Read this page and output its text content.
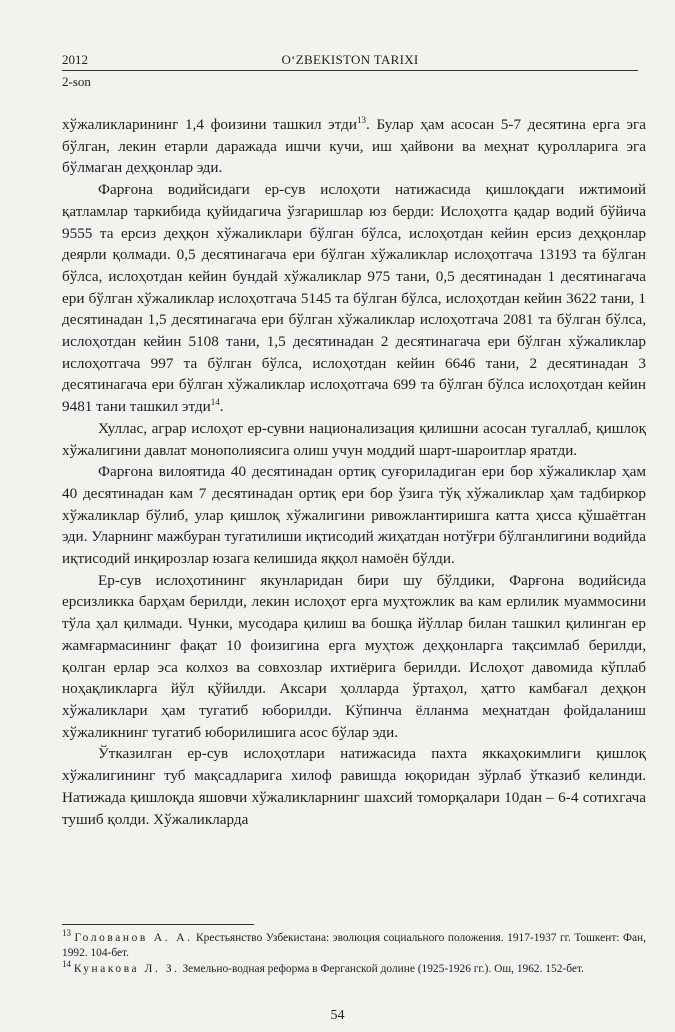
2012	O‘ZBEKISTON TARIXI
2-son

хўжаликларининг 1,4 фоизини ташкил этди$^{13}$. Булар ҳам асосан 5-7 десятина ерга эга бўлган, лекин етарли даражада ишчи кучи, иш ҳайвони ва меҳнат қуролларига эга бўлмаган деҳқонлар эди.

Фарғона водийсидаги ер-сув ислоҳоти натижасида қишлоқдаги ижтимоий қатламлар таркибида қуйидагича ўзгаришлар юз берди: Ислоҳотга қадар водий бўйича 9555 та ерсиз деҳқон хўжаликлари бўлган бўлса, ислоҳотдан кейин ерсиз деҳқонлар деярли қолмади. 0,5 десятинагача ери бўлган хўжаликлар ислоҳотгача 13193 та бўлган бўлса, ислоҳотдан кейин бундай хўжаликлар 975 тани, 0,5 десятинадан 1 десятинагача ери бўлган хўжаликлар ислоҳотгача 5145 та бўлган бўлса, ислоҳотдан кейин 3622 тани, 1 десятинадан 1,5 десятинагача ери бўлган хўжаликлар ислоҳотгача 2081 та бўлган бўлса, ислоҳотдан кейин 5108 тани, 1,5 десятинадан 2 десятинагача ери бўлган хўжаликлар ислоҳотгача 997 та бўлган бўлса, ислоҳотдан кейин 6646 тани, 2 десятинадан 3 десятинагача ери бўлган хўжаликлар ислоҳотгача 699 та бўлган бўлса ислоҳотдан кейин 9481 тани ташкил этди$^{14}$.

Хуллас, аграр ислоҳот ер-сувни национализация қилишни асосан тугаллаб, қишлоқ хўжалигини давлат монополиясига олиш учун моддий шарт-шароитлар яратди.

Фарғона вилоятида 40 десятинадан ортиқ суғориладиган ери бор хўжаликлар ҳам 40 десятинадан кам 7 десятинадан ортиқ ери бор ўзига тўқ хўжаликлар ҳам тадбиркор хўжаликлар бўлиб, улар қишлоқ хўжалигини ривожлантиришга катта ҳисса қўшаётган эди. Уларнинг мажбуран тугатилиши иқтисодий жиҳатдан нотўғри бўлганлигини водийда иқтисодий инқирозлар юзага келишида яққол намоён бўлди.

Ер-сув ислоҳотининг якунларидан бири шу бўлдики, Фарғона водийсида ерсизликка барҳам берилди, лекин ислоҳот ерга муҳтожлик ва кам ерлилик муаммосини тўла ҳал қилмади. Чунки, мусодара қилиш ва бошқа йўллар билан ташкил қилинган ер жамғармасининг фақат 10 фоизигина ерга муҳтож деҳқонларга тақсимлаб берилди, қолган ерлар эса колхоз ва совхозлар ихтиёрига берилди. Ислоҳот давомида кўплаб ноҳақликларга йўл қўйилди. Аксари ҳолларда ўртаҳол, ҳатто камбағал деҳқон хўжаликлари ҳам тугатиб юборилди. Кўпинча ёлланма меҳнатдан фойдаланиш хўжаликнинг тугатиб юборилишига асос бўлар эди.

Ўтказилган ер-сув ислоҳотлари натижасида пахта яккаҳокимлиги қишлоқ хўжалигининг туб мақсадларига хилоф равишда юқоридан зўрлаб ўтказиб келинди. Натижада қишлоқда яшовчи хўжаликларнинг шахсий томорқалари 10дан – 6-4 сотихгача тушиб қолди. Хўжаликларда

$^{13}$ Голованов А. А. Крестьянство Узбекистана: эволюция социального положения. 1917-1937 гг. Тошкент: Фан, 1992. 104-бет.

$^{14}$ Кунакова Л. З. Земельно-водная реформа в Ферганской долине (1925-1926 гг.). Ош, 1962. 152-бет.

54
